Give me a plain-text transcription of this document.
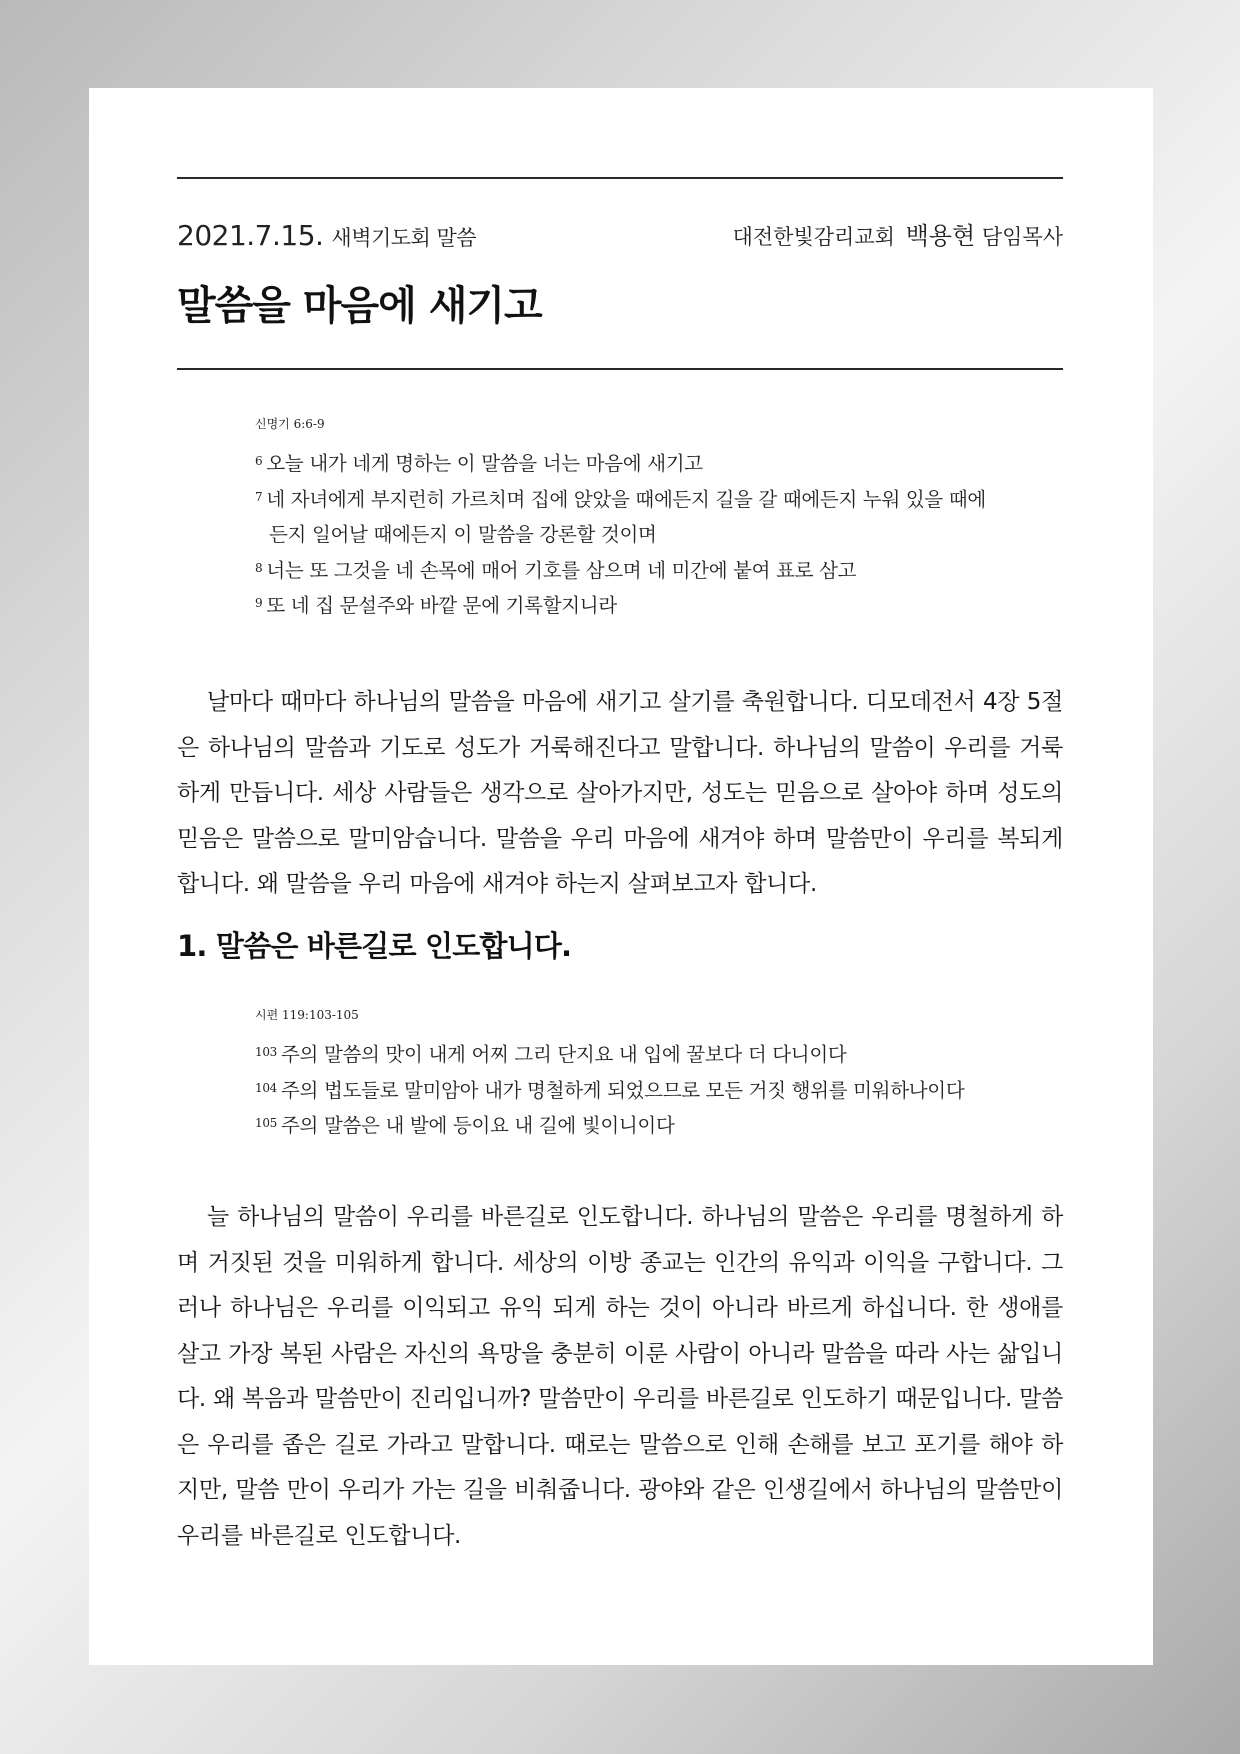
2021.7.15. 새벽기도회 말씀	대전한빛감리교회 백용현 담임목사
말씀을 마음에 새기고
신명기 6:6-9
$^6$ 오늘 내가 네게 명하는 이 말씀을 너는 마음에 새기고
$^7$ 네 자녀에게 부지런히 가르치며 집에 앉았을 때에든지 길을 갈 때에든지 누워 있을 때에든지 일어날 때에든지 이 말씀을 강론할 것이며
$^8$ 너는 또 그것을 네 손목에 매어 기호를 삼으며 네 미간에 붙여 표로 삼고
$^9$ 또 네 집 문설주와 바깥 문에 기록할지니라

날마다 때마다 하나님의 말씀을 마음에 새기고 살기를 축원합니다. 디모데전서 4장 5절은 하나님의 말씀과 기도로 성도가 거룩해진다고 말합니다. 하나님의 말씀이 우리를 거룩하게 만듭니다. 세상 사람들은 생각으로 살아가지만, 성도는 믿음으로 살아야 하며 성도의 믿음은 말씀으로 말미암습니다. 말씀을 우리 마음에 새겨야 하며 말씀만이 우리를 복되게 합니다. 왜 말씀을 우리 마음에 새겨야 하는지 살펴보고자 합니다.

1. 말씀은 바른길로 인도합니다.
시편 119:103-105
$^{103}$ 주의 말씀의 맛이 내게 어찌 그리 단지요 내 입에 꿀보다 더 다니이다
$^{104}$ 주의 법도들로 말미암아 내가 명철하게 되었으므로 모든 거짓 행위를 미워하나이다
$^{105}$ 주의 말씀은 내 발에 등이요 내 길에 빛이니이다

늘 하나님의 말씀이 우리를 바른길로 인도합니다. 하나님의 말씀은 우리를 명철하게 하며 거짓된 것을 미워하게 합니다. 세상의 이방 종교는 인간의 유익과 이익을 구합니다. 그러나 하나님은 우리를 이익되고 유익 되게 하는 것이 아니라 바르게 하십니다. 한 생애를 살고 가장 복된 사람은 자신의 욕망을 충분히 이룬 사람이 아니라 말씀을 따라 사는 삶입니다. 왜 복음과 말씀만이 진리입니까? 말씀만이 우리를 바른길로 인도하기 때문입니다. 말씀은 우리를 좁은 길로 가라고 말합니다. 때로는 말씀으로 인해 손해를 보고 포기를 해야 하지만, 말씀 만이 우리가 가는 길을 비춰줍니다. 광야와 같은 인생길에서 하나님의 말씀만이 우리를 바른길로 인도합니다.
